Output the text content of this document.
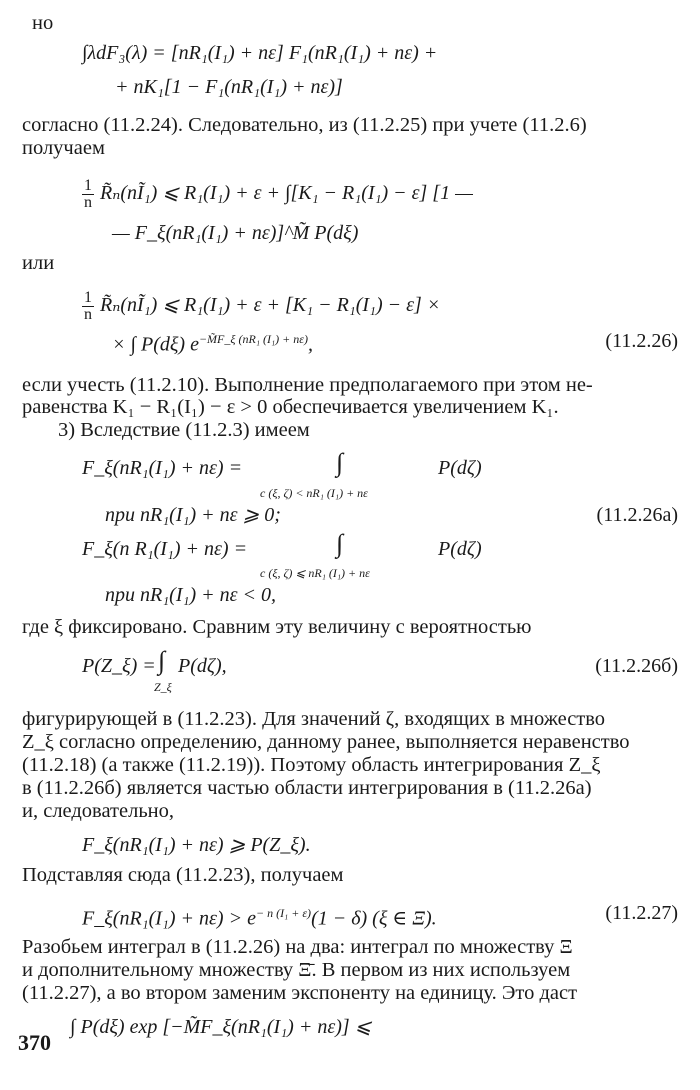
но
∫λdF₃(λ) = [nR₁(I₁) + nε] F₁(nR₁(I₁) + nε) +
+ nK₁[1 − F₁(nR₁(I₁) + nε)]
согласно (11.2.24). Следовательно, из (11.2.25) при учете (11.2.6)
получаем
$\frac{1}{n}$ R̃ₙ(nĨ₁) ⩽ R₁(I₁) + ε + ∫[K₁ − R₁(I₁) − ε] [1 —
— F_ξ(nR₁(I₁) + nε)]^M̃ P(dξ)
или
$\frac{1}{n}$ R̃ₙ(nĨ₁) ⩽ R₁(I₁) + ε + [K₁ − R₁(I₁) − ε] ×
× ∫ P(dξ) $e^{-M̃F\_\xi (nR_1 (I_1) + n\varepsilon)}$,	(11.2.26)
если учесть (11.2.10). Выполнение предполагаемого при этом не-
равенства K₁ − R₁(I₁) − ε > 0 обеспечивается увеличением K₁.
3) Вследствие (11.2.3) имеем
F_ξ(nR₁(I₁) + nε) =	∫
c (ξ, ζ) < nR₁ (I₁) + nε
P(dζ)
при nR₁(I₁) + nε ⩾ 0;	(11.2.26а)
F_ξ(n R₁(I₁) + nε) =	∫
c (ξ, ζ) ⩽ nR₁ (I₁) + nε
P(dζ)
при nR₁(I₁) + nε < 0,
где ξ фиксировано. Сравним эту величину с вероятностью
P(Z_ξ) = ∫
Z_ξ
P(dζ),	(11.2.26б)
фигурирующей в (11.2.23). Для значений ζ, входящих в множество
Z_ξ согласно определению, данному ранее, выполняется неравенство
(11.2.18) (а также (11.2.19)). Поэтому область интегрирования Z_ξ
в (11.2.26б) является частью области интегрирования в (11.2.26а)
и, следовательно,
F_ξ(nR₁(I₁) + nε) ⩾ P(Z_ξ).
Подставляя сюда (11.2.23), получаем
F_ξ(nR₁(I₁) + $n\varepsilon) > e^{- n (I_1 + \varepsilon)}(1 - \delta)$ (ξ ∈ Ξ).	(11.2.27)
Разобьем интеграл в (11.2.26) на два: интеграл по множеству Ξ
и дополнительному множеству Ξ̄. В первом из них используем
(11.2.27), а во втором заменим экспоненту на единицу. Это даст
∫ P(dξ) exp [−M̃F_ξ(nR₁(I₁) + nε)] ⩽
370
